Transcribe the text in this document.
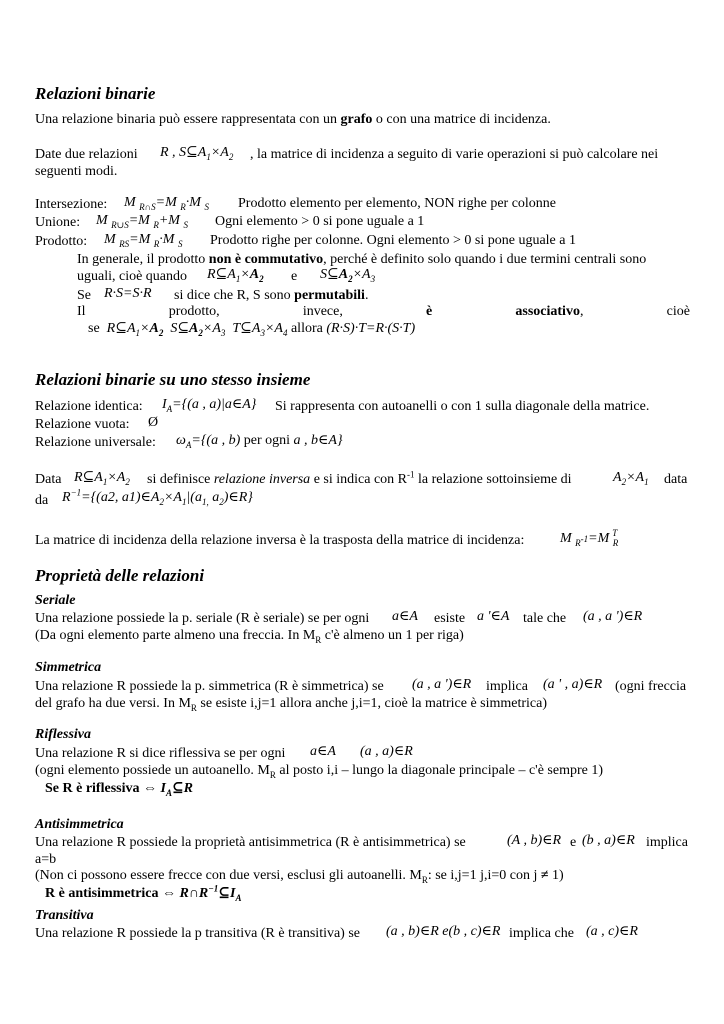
Relazioni binarie
Una relazione binaria può essere rappresentata con un grafo o con una matrice di incidenza.
Date due relazioni R , $S⊆A_1\times A_2$ , la matrice di incidenza a seguito di varie operazioni si può calcolare nei
seguenti modi.
Intersezione: M $_{R\cap S}$=M $_R$·M $_S$ Prodotto elemento per elemento, NON righe per colonne
Unione: M $_{R\cup S}$=M $_R$+M $_S$ Ogni elemento > 0 si pone uguale a 1
Prodotto: M $_{RS}$=M $_R$·M $_S$ Prodotto righe per colonne. Ogni elemento > 0 si pone uguale a 1
In generale, il prodotto non è commutativo, perché è definito solo quando i due termini centrali sono
uguali, cioè quando $R⊆A_1\times A_2$ e $S⊆A_2\times A_3$
Se R·S=S·R si dice che R, S sono permutabili.
Il	prodotto,	invece,	è	associativo,	cioè
se  $R⊆A_1\times A_2$  $S⊆A_2\times A_3$  $T⊆A_3\times A_4$ allora (R·S)·T=R·(S·T)
Relazioni binarie su uno stesso insieme
Relazione identica: $I_A=\{(a$ , a)|a∈A} Si rappresenta con autoanelli o con 1 sulla diagonale della matrice.
Relazione vuota: Ø
Relazione universale: $\omega_A=\{(a$ , b) per ogni a , b∈A}
Data $R⊆A_1\times A_2$ si definisce relazione inversa e si indica con $R^{-1}$ la relazione sottoinsieme di	$A_2\times A_1$ data
da $R^{-1}=\{(a2$, $a1)\in A_2\times A_1|(a_{1,}$ $a_2)\in R$}
La matrice di incidenza della relazione inversa è la trasposta della matrice di incidenza:	M $_{R^{-1}}$=M $_R^T$
Proprietà delle relazioni
Seriale
Una relazione possiede la p. seriale (R è seriale) se per ogni a∈A esiste a '∈A tale che (a , a ')∈R
(Da ogni elemento parte almeno una freccia. In $M_R$ c'è almeno un 1 per riga)
Simmetrica
Una relazione R possiede la p. simmetrica (R è simmetrica) se (a , a ')∈R implica (a ' , a)∈R (ogni freccia
del grafo ha due versi. In $M_R$ se esiste i,j=1 allora anche j,i=1, cioè la matrice è simmetrica)
Riflessiva
Una relazione R si dice riflessiva se per ogni a∈A (a , a)∈R
(ogni elemento possiede un autoanello. $M_R$ al posto i,i – lungo la diagonale principale – c'è sempre 1)
Se R è riflessiva ⇔ $I_A⊆R$
Antisimmetrica
Una relazione R possiede la proprietà antisimmetrica (R è antisimmetrica) se	(A , b)∈R e (b , a)∈R implica
a=b
(Non ci possono essere frecce con due versi, esclusi gli autoanelli. $M_R$: se i,j=1 j,i=0 con j ≠ 1)
R è antisimmetrica ⇔ $R\cap R^{-1}⊆I_A$
Transitiva
Una relazione R possiede la p transitiva (R è transitiva) se (a , b)∈R e(b , c)∈R implica che (a , c)∈R
